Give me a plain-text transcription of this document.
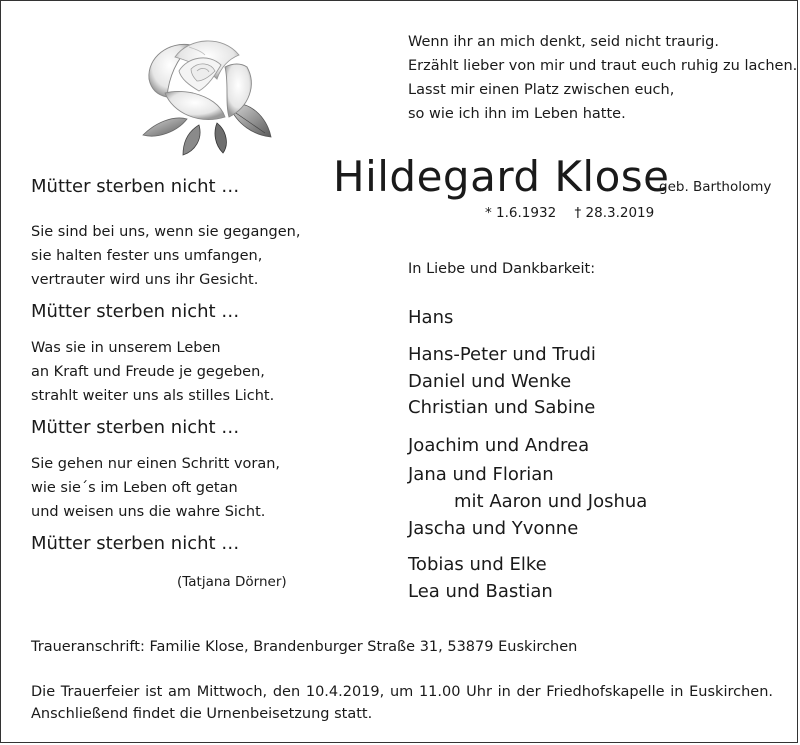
Wenn ihr an mich denkt, seid nicht traurig.
Erzählt lieber von mir und traut euch ruhig zu lachen.
Lasst mir einen Platz zwischen euch,
so wie ich ihn im Leben hatte.
Hildegard Klose
geb. Bartholomy
* 1.6.1932 † 28.3.2019
Mütter sterben nicht …
Sie sind bei uns, wenn sie gegangen,
sie halten fester uns umfangen,
vertrauter wird uns ihr Gesicht.
Mütter sterben nicht …
Was sie in unserem Leben
an Kraft und Freude je gegeben,
strahlt weiter uns als stilles Licht.
Mütter sterben nicht …
Sie gehen nur einen Schritt voran,
wie sie´s im Leben oft getan
und weisen uns die wahre Sicht.
Mütter sterben nicht …
(Tatjana Dörner)
In Liebe und Dankbarkeit:
Hans
Hans-Peter und Trudi
Daniel und Wenke
Christian und Sabine
Joachim und Andrea
Jana und Florian
mit Aaron und Joshua
Jascha und Yvonne
Tobias und Elke
Lea und Bastian
Traueranschrift: Familie Klose, Brandenburger Straße 31, 53879 Euskirchen
Die Trauerfeier ist am Mittwoch, den 10.4.2019, um 11.00 Uhr in der Friedhofskapelle in Euskirchen.
Anschließend findet die Urnenbeisetzung statt.
